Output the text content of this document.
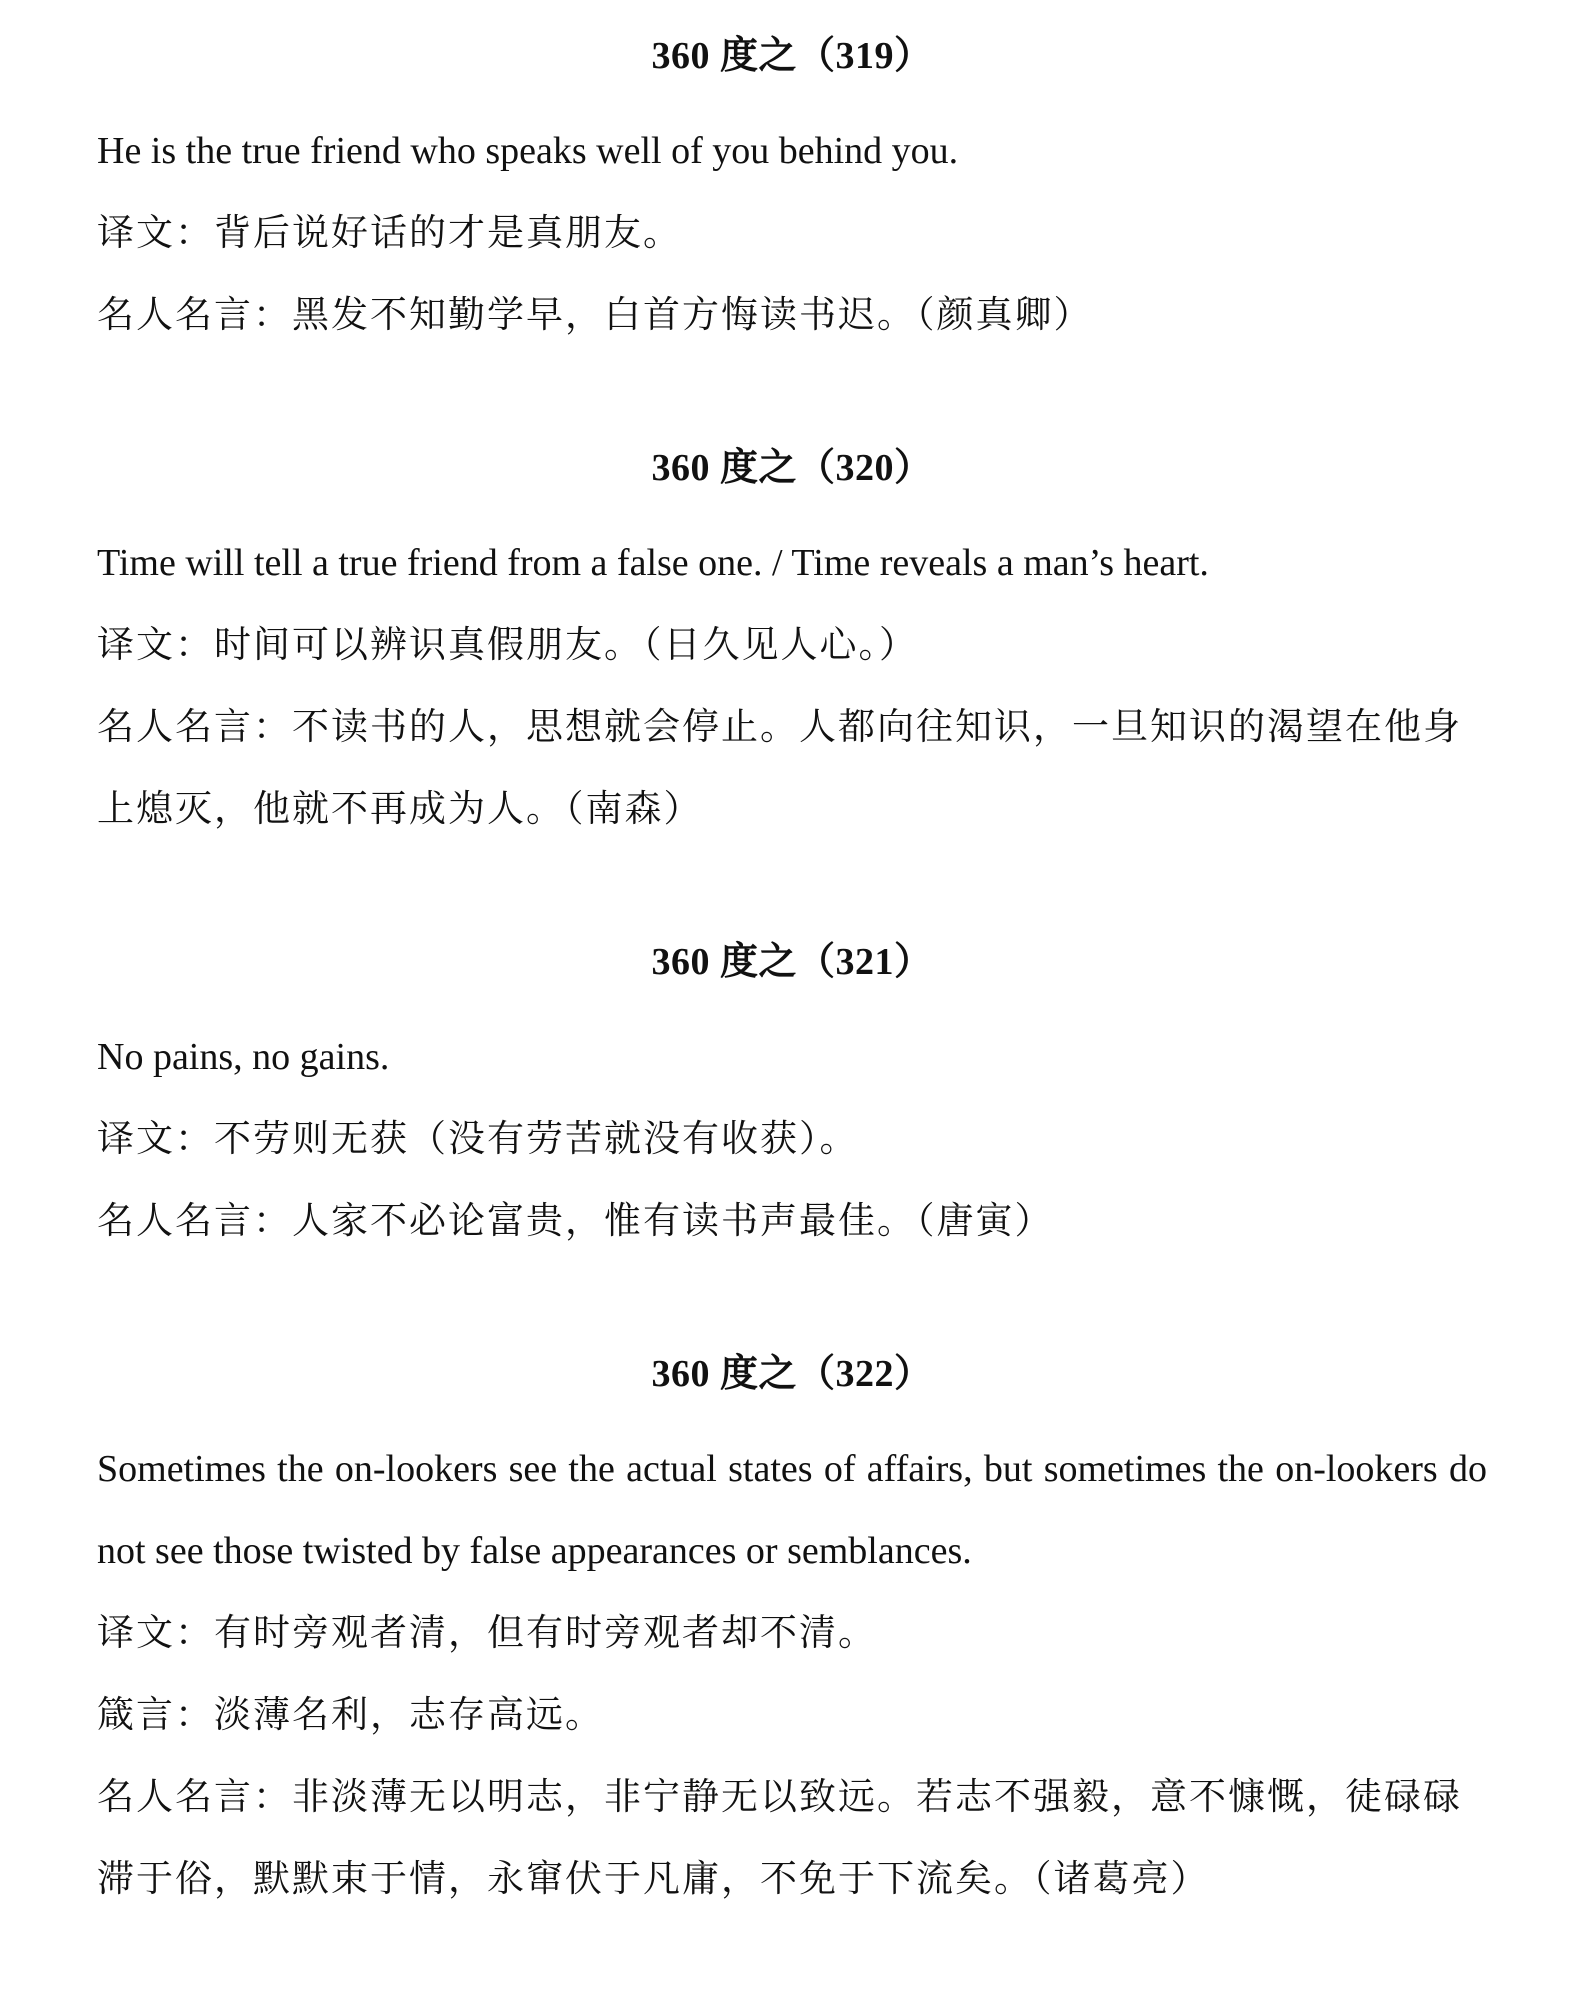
360 度之（319）

He is the true friend who speaks well of you behind you.

译文：背后说好话的才是真朋友。

名人名言：黑发不知勤学早，白首方悔读书迟。（颜真卿）

360 度之（320）

Time will tell a true friend from a false one. / Time reveals a man’s heart.

译文：时间可以辨识真假朋友。（日久见人心。）

名人名言：不读书的人，思想就会停止。人都向往知识，一旦知识的渴望在他身上熄灭，他就不再成为人。（南森）

360 度之（321）

No pains, no gains.

译文：不劳则无获（没有劳苦就没有收获）。

名人名言：人家不必论富贵，惟有读书声最佳。（唐寅）

360 度之（322）

Sometimes the on-lookers see the actual states of affairs, but sometimes the on-lookers do not see those twisted by false appearances or semblances.

译文：有时旁观者清，但有时旁观者却不清。

箴言：淡薄名利，志存高远。

名人名言：非淡薄无以明志，非宁静无以致远。若志不强毅，意不慷慨，徒碌碌滞于俗，默默束于情，永窜伏于凡庸，不免于下流矣。（诸葛亮）
